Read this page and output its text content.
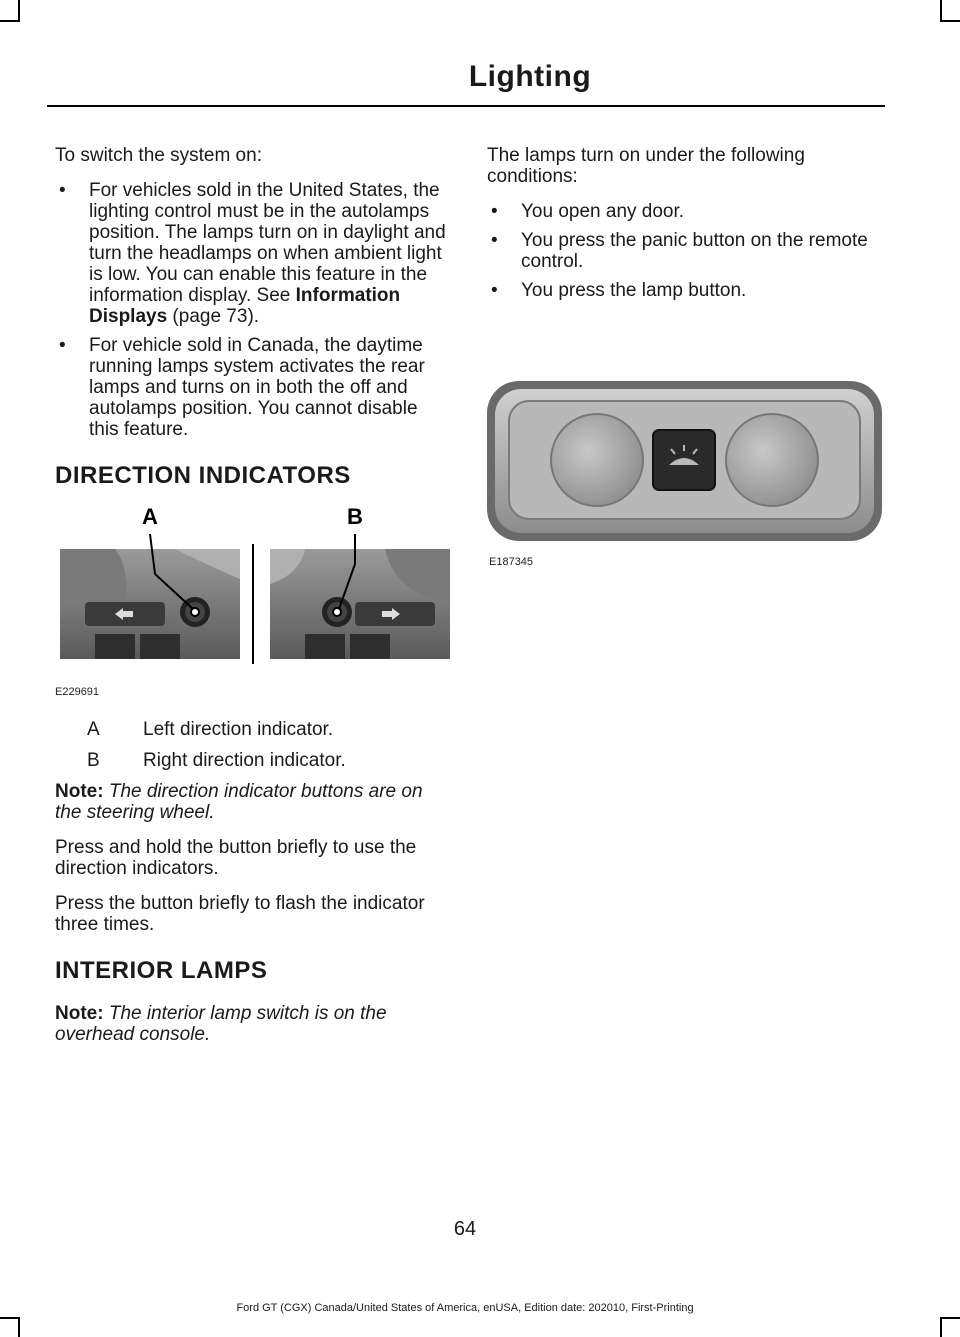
Lighting

To switch the system on:

• For vehicles sold in the United States, the lighting control must be in the autolamps position. The lamps turn on in daylight and turn the headlamps on when ambient light is low. You can enable this feature in the information display. See Information Displays (page 73).
• For vehicle sold in Canada, the daytime running lamps system activates the rear lamps and turns on in both the off and autolamps position. You cannot disable this feature.
DIRECTION INDICATORS
A	B
E229691
A	Left direction indicator.
B	Right direction indicator.

Note: The direction indicator buttons are on the steering wheel.

Press and hold the button briefly to use the direction indicators.

Press the button briefly to flash the indicator three times.

INTERIOR LAMPS

Note: The interior lamp switch is on the overhead console.

The lamps turn on under the following conditions:

• You open any door.
• You press the panic button on the remote control.
• You press the lamp button.
E187345
64
Ford GT (CGX) Canada/United States of America, enUSA, Edition date: 202010, First-Printing
